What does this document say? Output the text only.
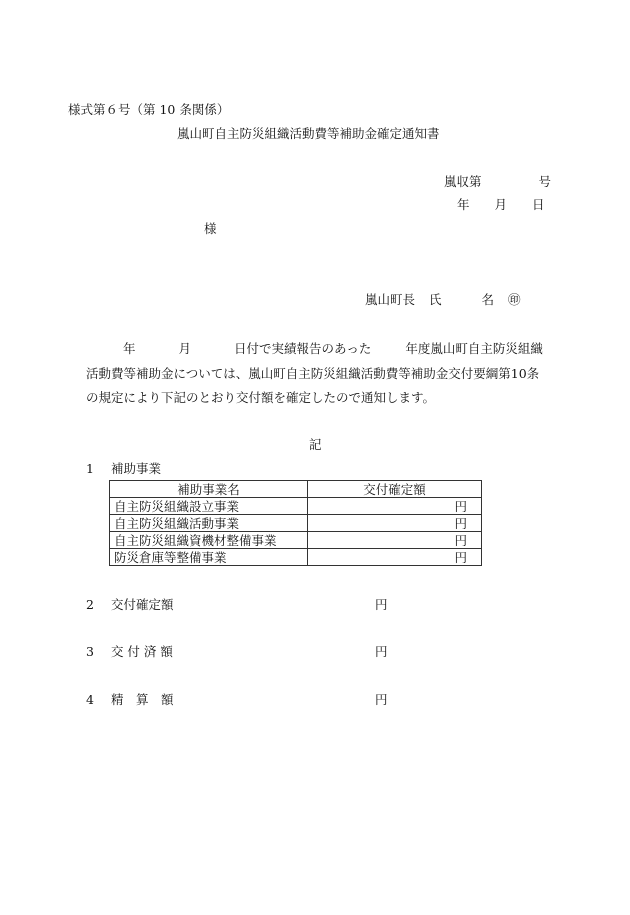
様式第６号（第 10 条関係）
嵐山町自主防災組織活動費等補助金確定通知書
嵐収第	号
年 月 日
様
嵐山町長 氏	名 ㊞
年	月	日付で実績報告のあった	年度嵐山町自主防災組織
活動費等補助金については、嵐山町自主防災組織活動費等補助金交付要綱第10条
の規定により下記のとおり交付額を確定したので通知します。
記
1 補助事業
補助事業名	交付確定額
自主防災組織設立事業	円
自主防災組織活動事業	円
自主防災組織資機材整備事業	円
防災倉庫等整備事業	円
2 交付確定額	円
3 交 付 済 額	円
4 精　算　額	円
